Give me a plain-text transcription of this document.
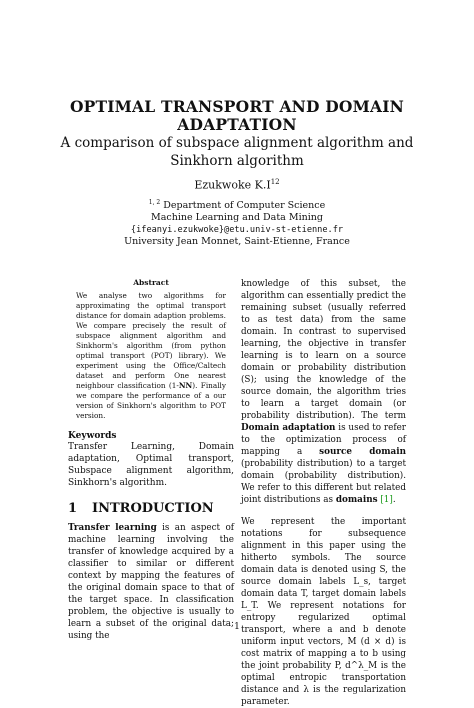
OPTIMAL TRANSPORT AND DOMAIN ADAPTATION
A comparison of subspace alignment algorithm and Sinkhorn algorithm
Ezukwoke $K.I^{12}$
$^{1, 2}$ Department of Computer Science
Machine Learning and Data Mining
{ifeanyi.ezukwoke}@etu.univ-st-etienne.fr
University Jean Monnet, Saint-Etienne, France
Abstract
We analyse two algorithms for approximating the optimal transport distance for domain adaption problems. We compare precisely the result of subspace alignment algorithm and Sinkhorm's algorithm (from python optimal transport (POT) library). We experiment using the Office/Caltech dataset and perform One nearest neighbour classification (1-NN). Finally we compare the performance of a our version of Sinkhorn's algorithm to POT version.
Keywords
Transfer Learning, Domain adaptation, Optimal transport, Subspace alignment algorithm, Sinkhorn's algorithm.
1 INTRODUCTION
Transfer learning is an aspect of machine learning involving the transfer of knowledge acquired by a classifier to similar or different context by mapping the features of the original domain space to that of the target space. In classification problem, the objective is usually to learn a subset of the original data; using the
knowledge of this subset, the algorithm can essentially predict the remaining subset (usually referred to as test data) from the same domain. In contrast to supervised learning, the objective in transfer learning is to learn on a source domain or probability distribution (S); using the knowledge of the source domain, the algorithm tries to learn a target domain (or probability distribution). The term Domain adaptation is used to refer to the optimization process of mapping a source domain (probability distribution) to a target domain (probability distribution). We refer to this different but related joint distributions as domains [1].
We represent the important notations for subsequence alignment in this paper using the hitherto symbols. The source domain data is denoted using S, the source domain labels L_s, target domain data T, target domain labels L_T. We represent notations for entropy regularized optimal transport, where a and b denote uniform input vectors, M (d × d) is cost matrix of mapping a to b using the joint probability P, d^λ_M is the optimal entropic transportation distance and λ is the regularization parameter.
1
